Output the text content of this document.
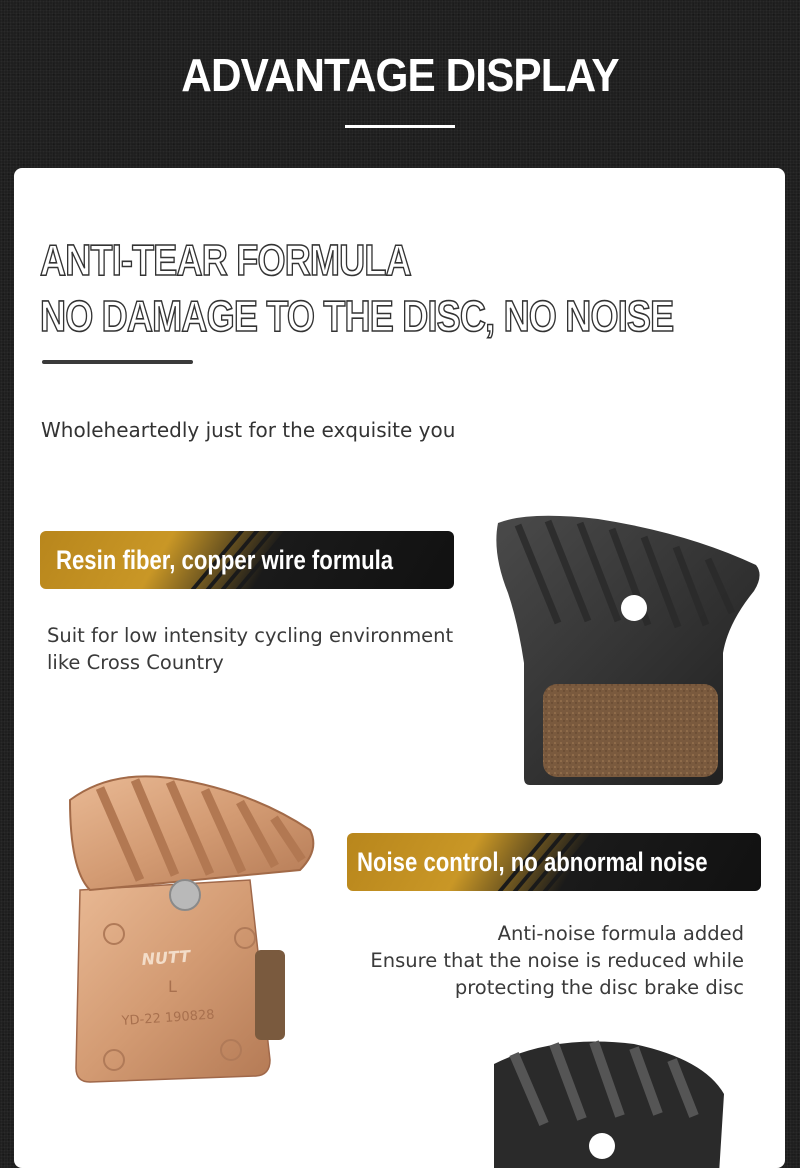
ADVANTAGE DISPLAY
ANTI-TEAR FORMULA
NO DAMAGE TO THE DISC, NO NOISE
Wholeheartedly just for the exquisite you
Resin fiber, copper wire formula
Suit for low intensity cycling environment
like Cross Country
NUTT
L
YD-22 190828
Noise control, no abnormal noise
Anti-noise formula added
Ensure that the noise is reduced while
protecting the disc brake disc
